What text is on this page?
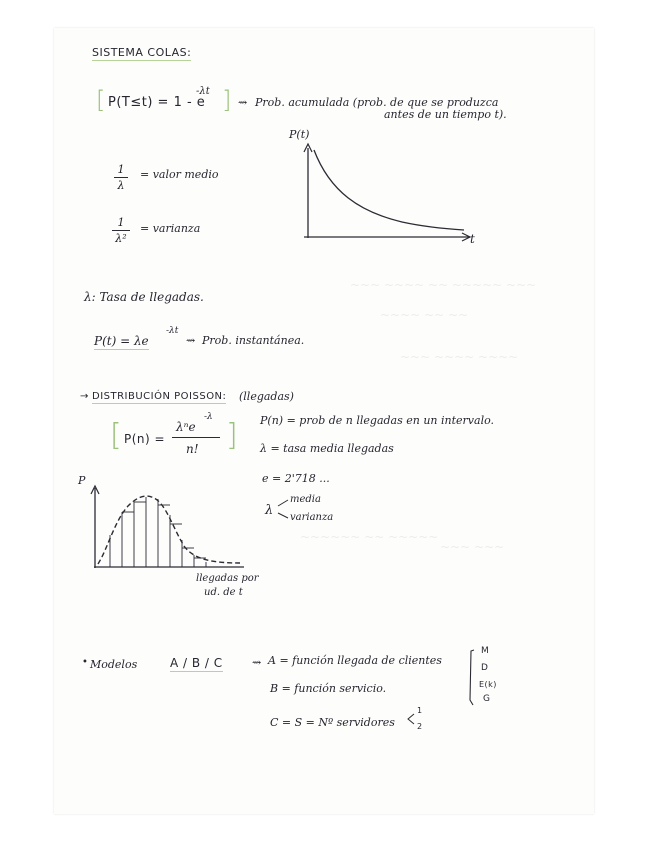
~~~ ~~~~ ~~ ~~~~~ ~~~
~~~~ ~~ ~~
~~~ ~~~~ ~~~~
~~~~~~ ~~ ~~~~~
~~~ ~~~
SISTEMA COLAS:
[ P(T≤t) = 1 - e
-λt ] ⇝ Prob. acumulada (prob. de que se produzca
antes de un tiempo t).
P(t)
t
1
λ
= valor medio
1
λ²
= varianza
λ: Tasa de llegadas.
P(t) = λe
-λt
⇝ Prob. instantánea.
→ DISTRIBUCIÓN POISSON: (llegadas)
[ P(n) =
λⁿe
-λ
n! ] P(n) = prob de n llegadas en un intervalo.
λ = tasa media llegadas
e = 2'718 ...
λ
media
varianza
P
llegadas por
ud. de t
• Modelos	A / B / C	⇝ A = función llegada de clientes
B = función servicio.
C = S = Nº servidores
1
2
M
D
E(k)
G
